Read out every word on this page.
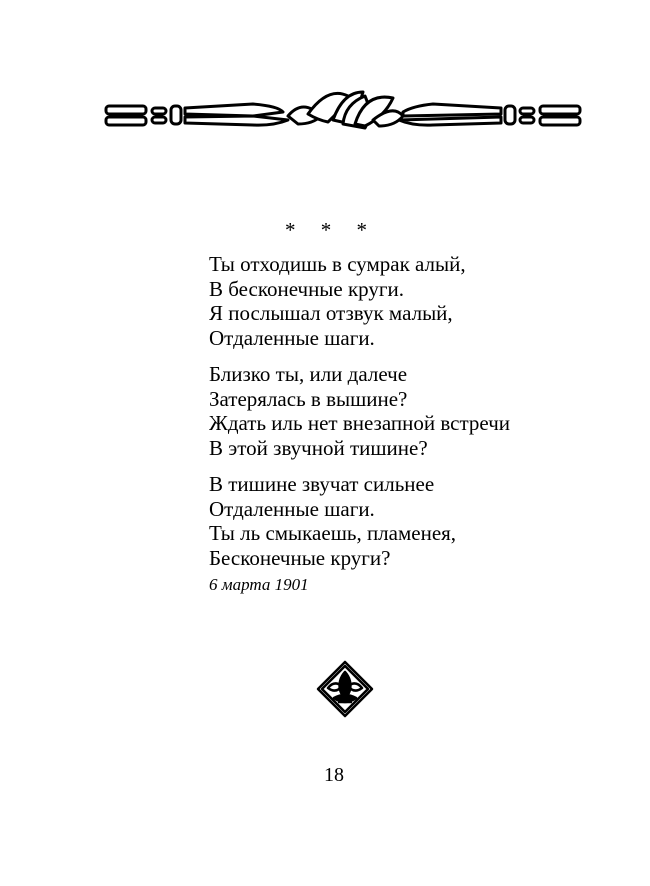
* * *
Ты отходишь в сумрак алый,
В бесконечные круги.
Я послышал отзвук малый,
Отдаленные шаги.
Близко ты, или далече
Затерялась в вышине?
Ждать иль нет внезапной встречи
В этой звучной тишине?
В тишине звучат сильнее
Отдаленные шаги.
Ты ль смыкаешь, пламенея,
Бесконечные круги?
6 марта 1901
18
